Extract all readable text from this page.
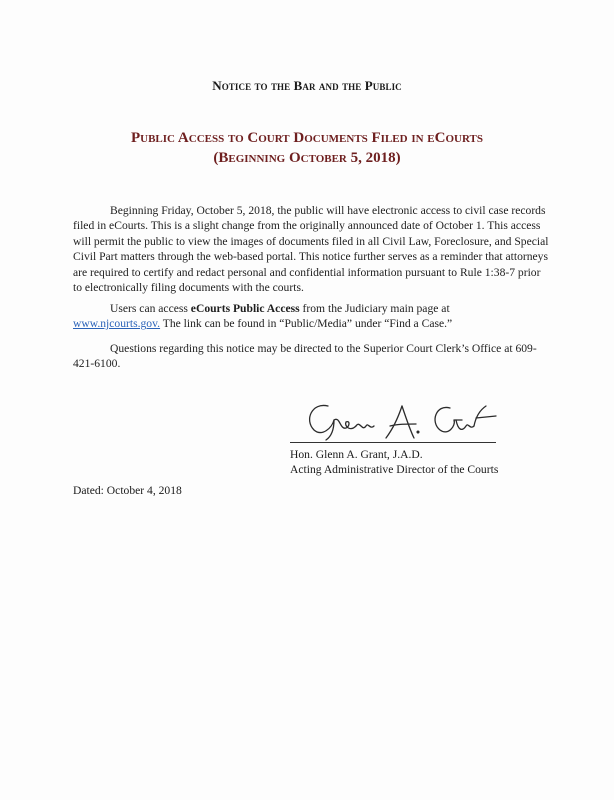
Notice to the Bar and the Public
Public Access to Court Documents Filed in eCourts
(Beginning October 5, 2018)
Beginning Friday, October 5, 2018, the public will have electronic access to civil case records filed in eCourts. This is a slight change from the originally announced date of October 1. This access will permit the public to view the images of documents filed in all Civil Law, Foreclosure, and Special Civil Part matters through the web-based portal. This notice further serves as a reminder that attorneys are required to certify and redact personal and confidential information pursuant to Rule 1:38-7 prior to electronically filing documents with the courts.
Users can access eCourts Public Access from the Judiciary main page at
www.njcourts.gov. The link can be found in “Public/Media” under “Find a Case.”
Questions regarding this notice may be directed to the Superior Court Clerk’s Office at 609-421-6100.
Hon. Glenn A. Grant, J.A.D.
Acting Administrative Director of the Courts
Dated: October 4, 2018
